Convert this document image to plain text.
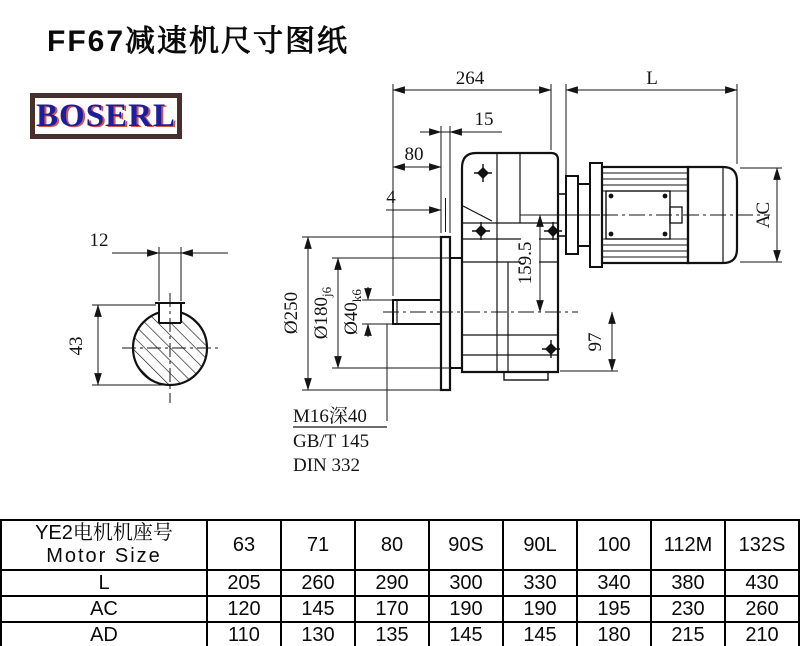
FF67减速机尺寸图纸
BOSERL
264	L
15
80
4
AC
159.5
97
Ø250 $Ø180_{j6}$
$Ø40_{k6}$
M16深40
GB/T 145
DIN 332
12
43
YE2电机机座号
Motor Size	63	71	80	90S	90L	100	112M	132S
L	205	260	290	300	330	340	380	430
AC	120	145	170	190	190	195	230	260
AD	110	130	135	145	145	180	215	210
